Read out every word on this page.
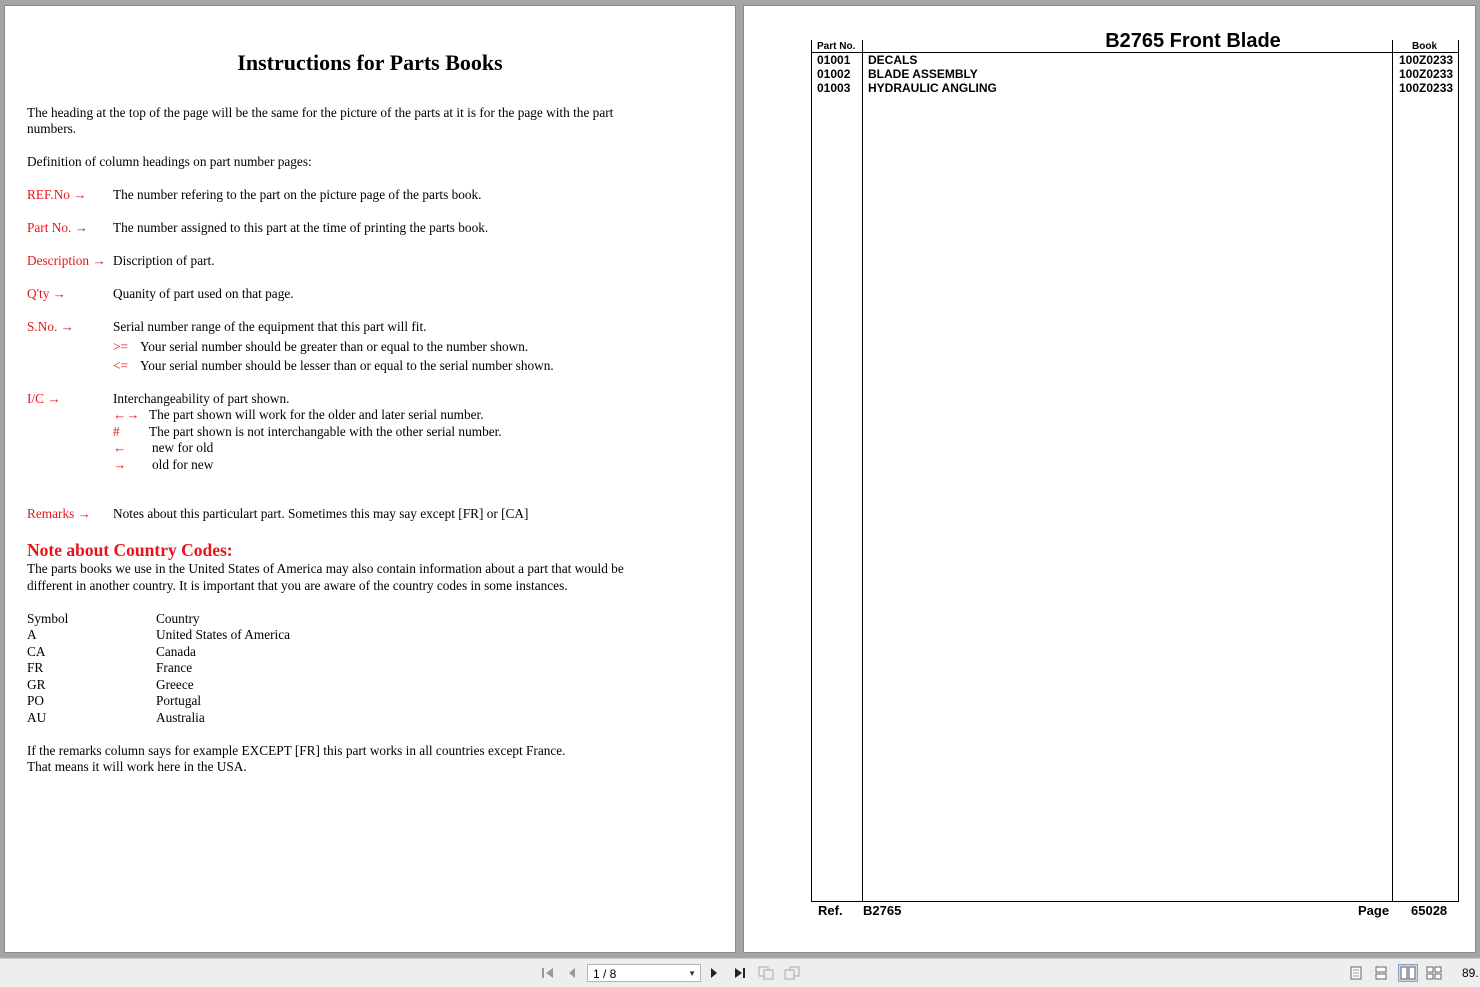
Instructions for Parts Books
The heading at the top of the page will be the same for the picture of the parts at it is for the page with the part
numbers.
Definition of column headings on part number pages:
REF.No → The number refering to the part on the picture page of the parts book.
Part No. → The number assigned to this part at the time of printing the parts book.
Description → Discription of part.
Q'ty →	Quanity of part used on that page.
S.No. →	Serial number range of the equipment that this part will fit.
>= Your serial number should be greater than or equal to the number shown.
<= Your serial number should be lesser than or equal to the serial number shown.
I/C →	Interchangeability of part shown.
←→ The part shown will work for the older and later serial number.
# The part shown is not interchangable with the other serial number.
← new for old
→ old for new
Remarks → Notes about this particulart part. Sometimes this may say except [FR] or [CA]
Note about Country Codes:
The parts books we use in the United States of America may also contain information about a part that would be
different in another country. It is important that you are aware of the country codes in some instances.
Symbol	Country
A	United States of America
CA	Canada
FR	France
GR	Greece
PO	Portugal
AU	Australia
If the remarks column says for example EXCEPT [FR] this part works in all countries except France.
That means it will work here in the USA.
B2765 Front Blade
Part No.	Book
01001 DECALS	100Z0233
01002 BLADE ASSEMBLY	100Z0233
01003 HYDRAULIC ANGLING	100Z0233
Ref. B2765	Page 65028
1 / 8	▼	89.
